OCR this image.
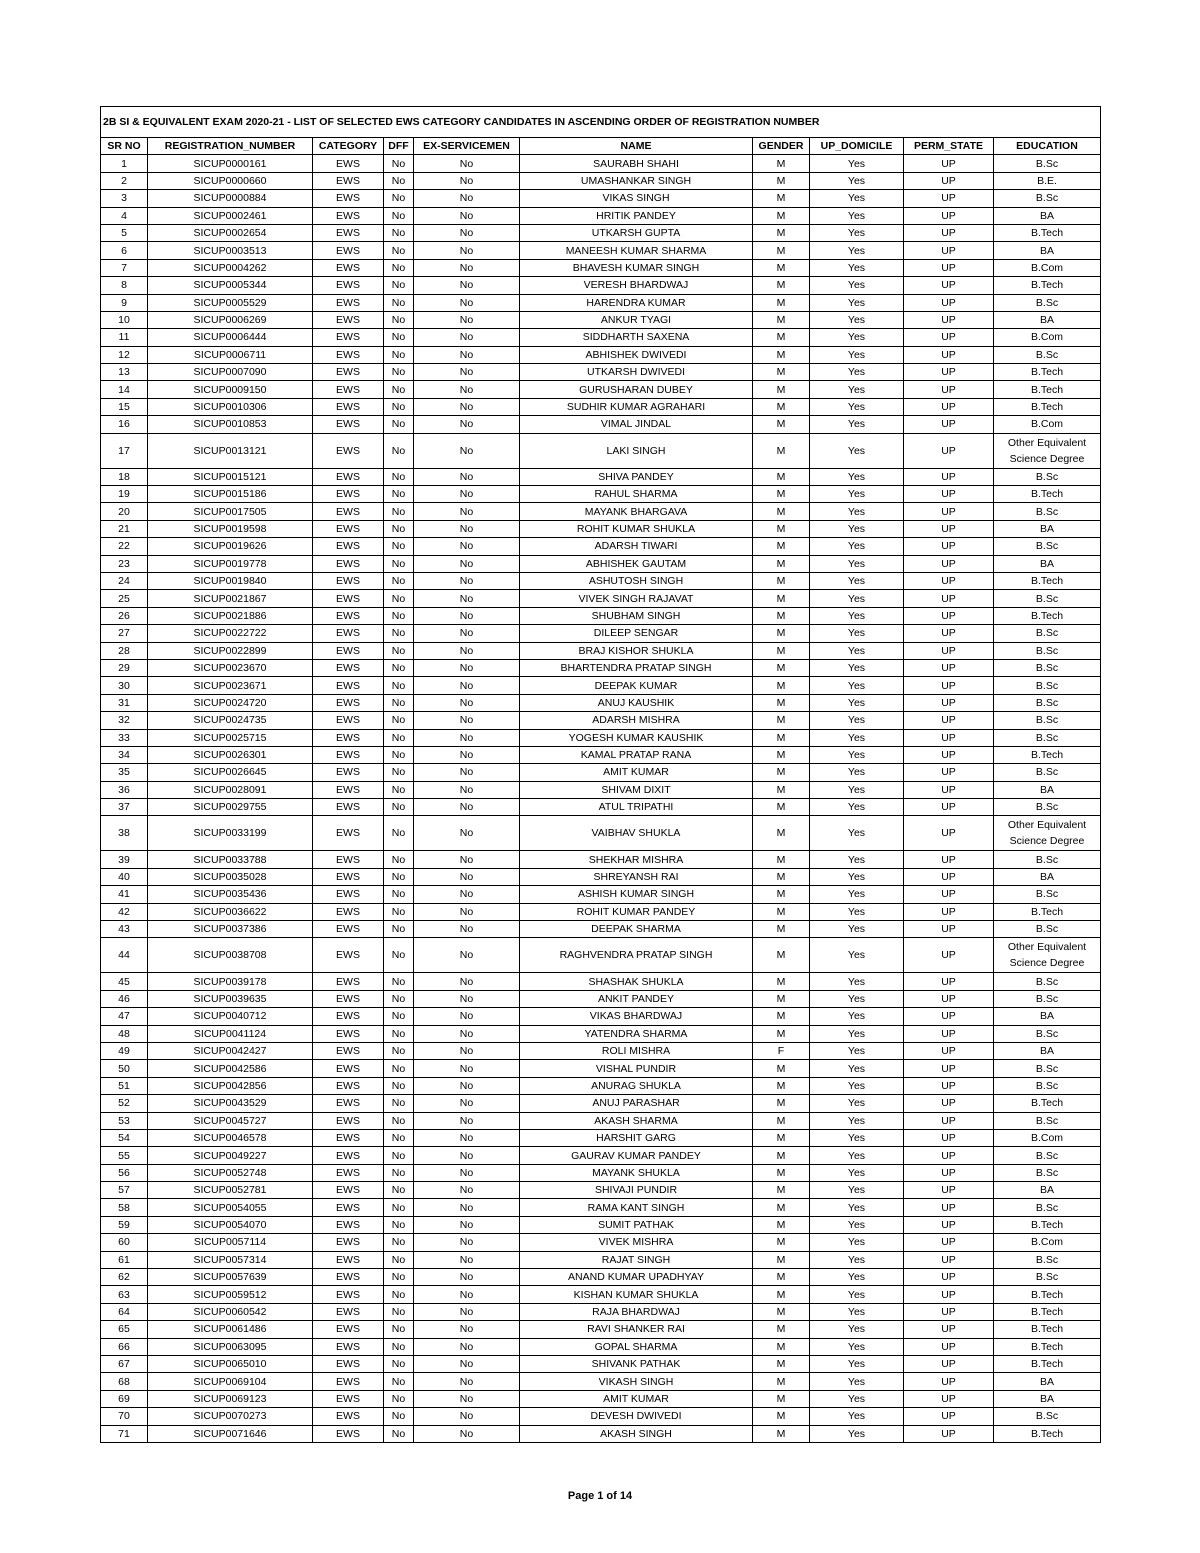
2B SI & EQUIVALENT EXAM 2020-21 - LIST OF SELECTED EWS CATEGORY CANDIDATES IN ASCENDING ORDER OF REGISTRATION NUMBER									
SR NO	REGISTRATION_NUMBER	CATEGORY	DFF	EX-SERVICEMEN	NAME	GENDER	UP_DOMICILE	PERM_STATE	EDUCATION
1	SICUP0000161	EWS	No	No	SAURABH SHAHI	M	Yes	UP	B.Sc
2	SICUP0000660	EWS	No	No	UMASHANKAR SINGH	M	Yes	UP	B.E.
3	SICUP0000884	EWS	No	No	VIKAS SINGH	M	Yes	UP	B.Sc
4	SICUP0002461	EWS	No	No	HRITIK PANDEY	M	Yes	UP	BA
5	SICUP0002654	EWS	No	No	UTKARSH GUPTA	M	Yes	UP	B.Tech
6	SICUP0003513	EWS	No	No	MANEESH KUMAR SHARMA	M	Yes	UP	BA
7	SICUP0004262	EWS	No	No	BHAVESH KUMAR SINGH	M	Yes	UP	B.Com
8	SICUP0005344	EWS	No	No	VERESH BHARDWAJ	M	Yes	UP	B.Tech
9	SICUP0005529	EWS	No	No	HARENDRA KUMAR	M	Yes	UP	B.Sc
10	SICUP0006269	EWS	No	No	ANKUR TYAGI	M	Yes	UP	BA
11	SICUP0006444	EWS	No	No	SIDDHARTH SAXENA	M	Yes	UP	B.Com
12	SICUP0006711	EWS	No	No	ABHISHEK DWIVEDI	M	Yes	UP	B.Sc
13	SICUP0007090	EWS	No	No	UTKARSH DWIVEDI	M	Yes	UP	B.Tech
14	SICUP0009150	EWS	No	No	GURUSHARAN DUBEY	M	Yes	UP	B.Tech
15	SICUP0010306	EWS	No	No	SUDHIR KUMAR AGRAHARI	M	Yes	UP	B.Tech
16	SICUP0010853	EWS	No	No	VIMAL JINDAL	M	Yes	UP	B.Com
17	SICUP0013121	EWS	No	No	LAKI SINGH	M	Yes	UP	Other Equivalent Science Degree
18	SICUP0015121	EWS	No	No	SHIVA PANDEY	M	Yes	UP	B.Sc
19	SICUP0015186	EWS	No	No	RAHUL SHARMA	M	Yes	UP	B.Tech
20	SICUP0017505	EWS	No	No	MAYANK BHARGAVA	M	Yes	UP	B.Sc
21	SICUP0019598	EWS	No	No	ROHIT KUMAR SHUKLA	M	Yes	UP	BA
22	SICUP0019626	EWS	No	No	ADARSH TIWARI	M	Yes	UP	B.Sc
23	SICUP0019778	EWS	No	No	ABHISHEK GAUTAM	M	Yes	UP	BA
24	SICUP0019840	EWS	No	No	ASHUTOSH SINGH	M	Yes	UP	B.Tech
25	SICUP0021867	EWS	No	No	VIVEK SINGH RAJAVAT	M	Yes	UP	B.Sc
26	SICUP0021886	EWS	No	No	SHUBHAM SINGH	M	Yes	UP	B.Tech
27	SICUP0022722	EWS	No	No	DILEEP SENGAR	M	Yes	UP	B.Sc
28	SICUP0022899	EWS	No	No	BRAJ KISHOR SHUKLA	M	Yes	UP	B.Sc
29	SICUP0023670	EWS	No	No	BHARTENDRA PRATAP SINGH	M	Yes	UP	B.Sc
30	SICUP0023671	EWS	No	No	DEEPAK KUMAR	M	Yes	UP	B.Sc
31	SICUP0024720	EWS	No	No	ANUJ KAUSHIK	M	Yes	UP	B.Sc
32	SICUP0024735	EWS	No	No	ADARSH MISHRA	M	Yes	UP	B.Sc
33	SICUP0025715	EWS	No	No	YOGESH KUMAR KAUSHIK	M	Yes	UP	B.Sc
34	SICUP0026301	EWS	No	No	KAMAL PRATAP RANA	M	Yes	UP	B.Tech
35	SICUP0026645	EWS	No	No	AMIT KUMAR	M	Yes	UP	B.Sc
36	SICUP0028091	EWS	No	No	SHIVAM DIXIT	M	Yes	UP	BA
37	SICUP0029755	EWS	No	No	ATUL TRIPATHI	M	Yes	UP	B.Sc
38	SICUP0033199	EWS	No	No	VAIBHAV SHUKLA	M	Yes	UP	Other Equivalent Science Degree
39	SICUP0033788	EWS	No	No	SHEKHAR MISHRA	M	Yes	UP	B.Sc
40	SICUP0035028	EWS	No	No	SHREYANSH RAI	M	Yes	UP	BA
41	SICUP0035436	EWS	No	No	ASHISH KUMAR SINGH	M	Yes	UP	B.Sc
42	SICUP0036622	EWS	No	No	ROHIT KUMAR PANDEY	M	Yes	UP	B.Tech
43	SICUP0037386	EWS	No	No	DEEPAK SHARMA	M	Yes	UP	B.Sc
44	SICUP0038708	EWS	No	No	RAGHVENDRA PRATAP SINGH	M	Yes	UP	Other Equivalent Science Degree
45	SICUP0039178	EWS	No	No	SHASHAK SHUKLA	M	Yes	UP	B.Sc
46	SICUP0039635	EWS	No	No	ANKIT PANDEY	M	Yes	UP	B.Sc
47	SICUP0040712	EWS	No	No	VIKAS BHARDWAJ	M	Yes	UP	BA
48	SICUP0041124	EWS	No	No	YATENDRA SHARMA	M	Yes	UP	B.Sc
49	SICUP0042427	EWS	No	No	ROLI MISHRA	F	Yes	UP	BA
50	SICUP0042586	EWS	No	No	VISHAL PUNDIR	M	Yes	UP	B.Sc
51	SICUP0042856	EWS	No	No	ANURAG SHUKLA	M	Yes	UP	B.Sc
52	SICUP0043529	EWS	No	No	ANUJ PARASHAR	M	Yes	UP	B.Tech
53	SICUP0045727	EWS	No	No	AKASH SHARMA	M	Yes	UP	B.Sc
54	SICUP0046578	EWS	No	No	HARSHIT GARG	M	Yes	UP	B.Com
55	SICUP0049227	EWS	No	No	GAURAV KUMAR PANDEY	M	Yes	UP	B.Sc
56	SICUP0052748	EWS	No	No	MAYANK SHUKLA	M	Yes	UP	B.Sc
57	SICUP0052781	EWS	No	No	SHIVAJI PUNDIR	M	Yes	UP	BA
58	SICUP0054055	EWS	No	No	RAMA KANT SINGH	M	Yes	UP	B.Sc
59	SICUP0054070	EWS	No	No	SUMIT PATHAK	M	Yes	UP	B.Tech
60	SICUP0057114	EWS	No	No	VIVEK MISHRA	M	Yes	UP	B.Com
61	SICUP0057314	EWS	No	No	RAJAT SINGH	M	Yes	UP	B.Sc
62	SICUP0057639	EWS	No	No	ANAND KUMAR UPADHYAY	M	Yes	UP	B.Sc
63	SICUP0059512	EWS	No	No	KISHAN KUMAR SHUKLA	M	Yes	UP	B.Tech
64	SICUP0060542	EWS	No	No	RAJA BHARDWAJ	M	Yes	UP	B.Tech
65	SICUP0061486	EWS	No	No	RAVI SHANKER RAI	M	Yes	UP	B.Tech
66	SICUP0063095	EWS	No	No	GOPAL SHARMA	M	Yes	UP	B.Tech
67	SICUP0065010	EWS	No	No	SHIVANK PATHAK	M	Yes	UP	B.Tech
68	SICUP0069104	EWS	No	No	VIKASH SINGH	M	Yes	UP	BA
69	SICUP0069123	EWS	No	No	AMIT KUMAR	M	Yes	UP	BA
70	SICUP0070273	EWS	No	No	DEVESH DWIVEDI	M	Yes	UP	B.Sc
71	SICUP0071646	EWS	No	No	AKASH SINGH	M	Yes	UP	B.Tech
Page 1 of 14
